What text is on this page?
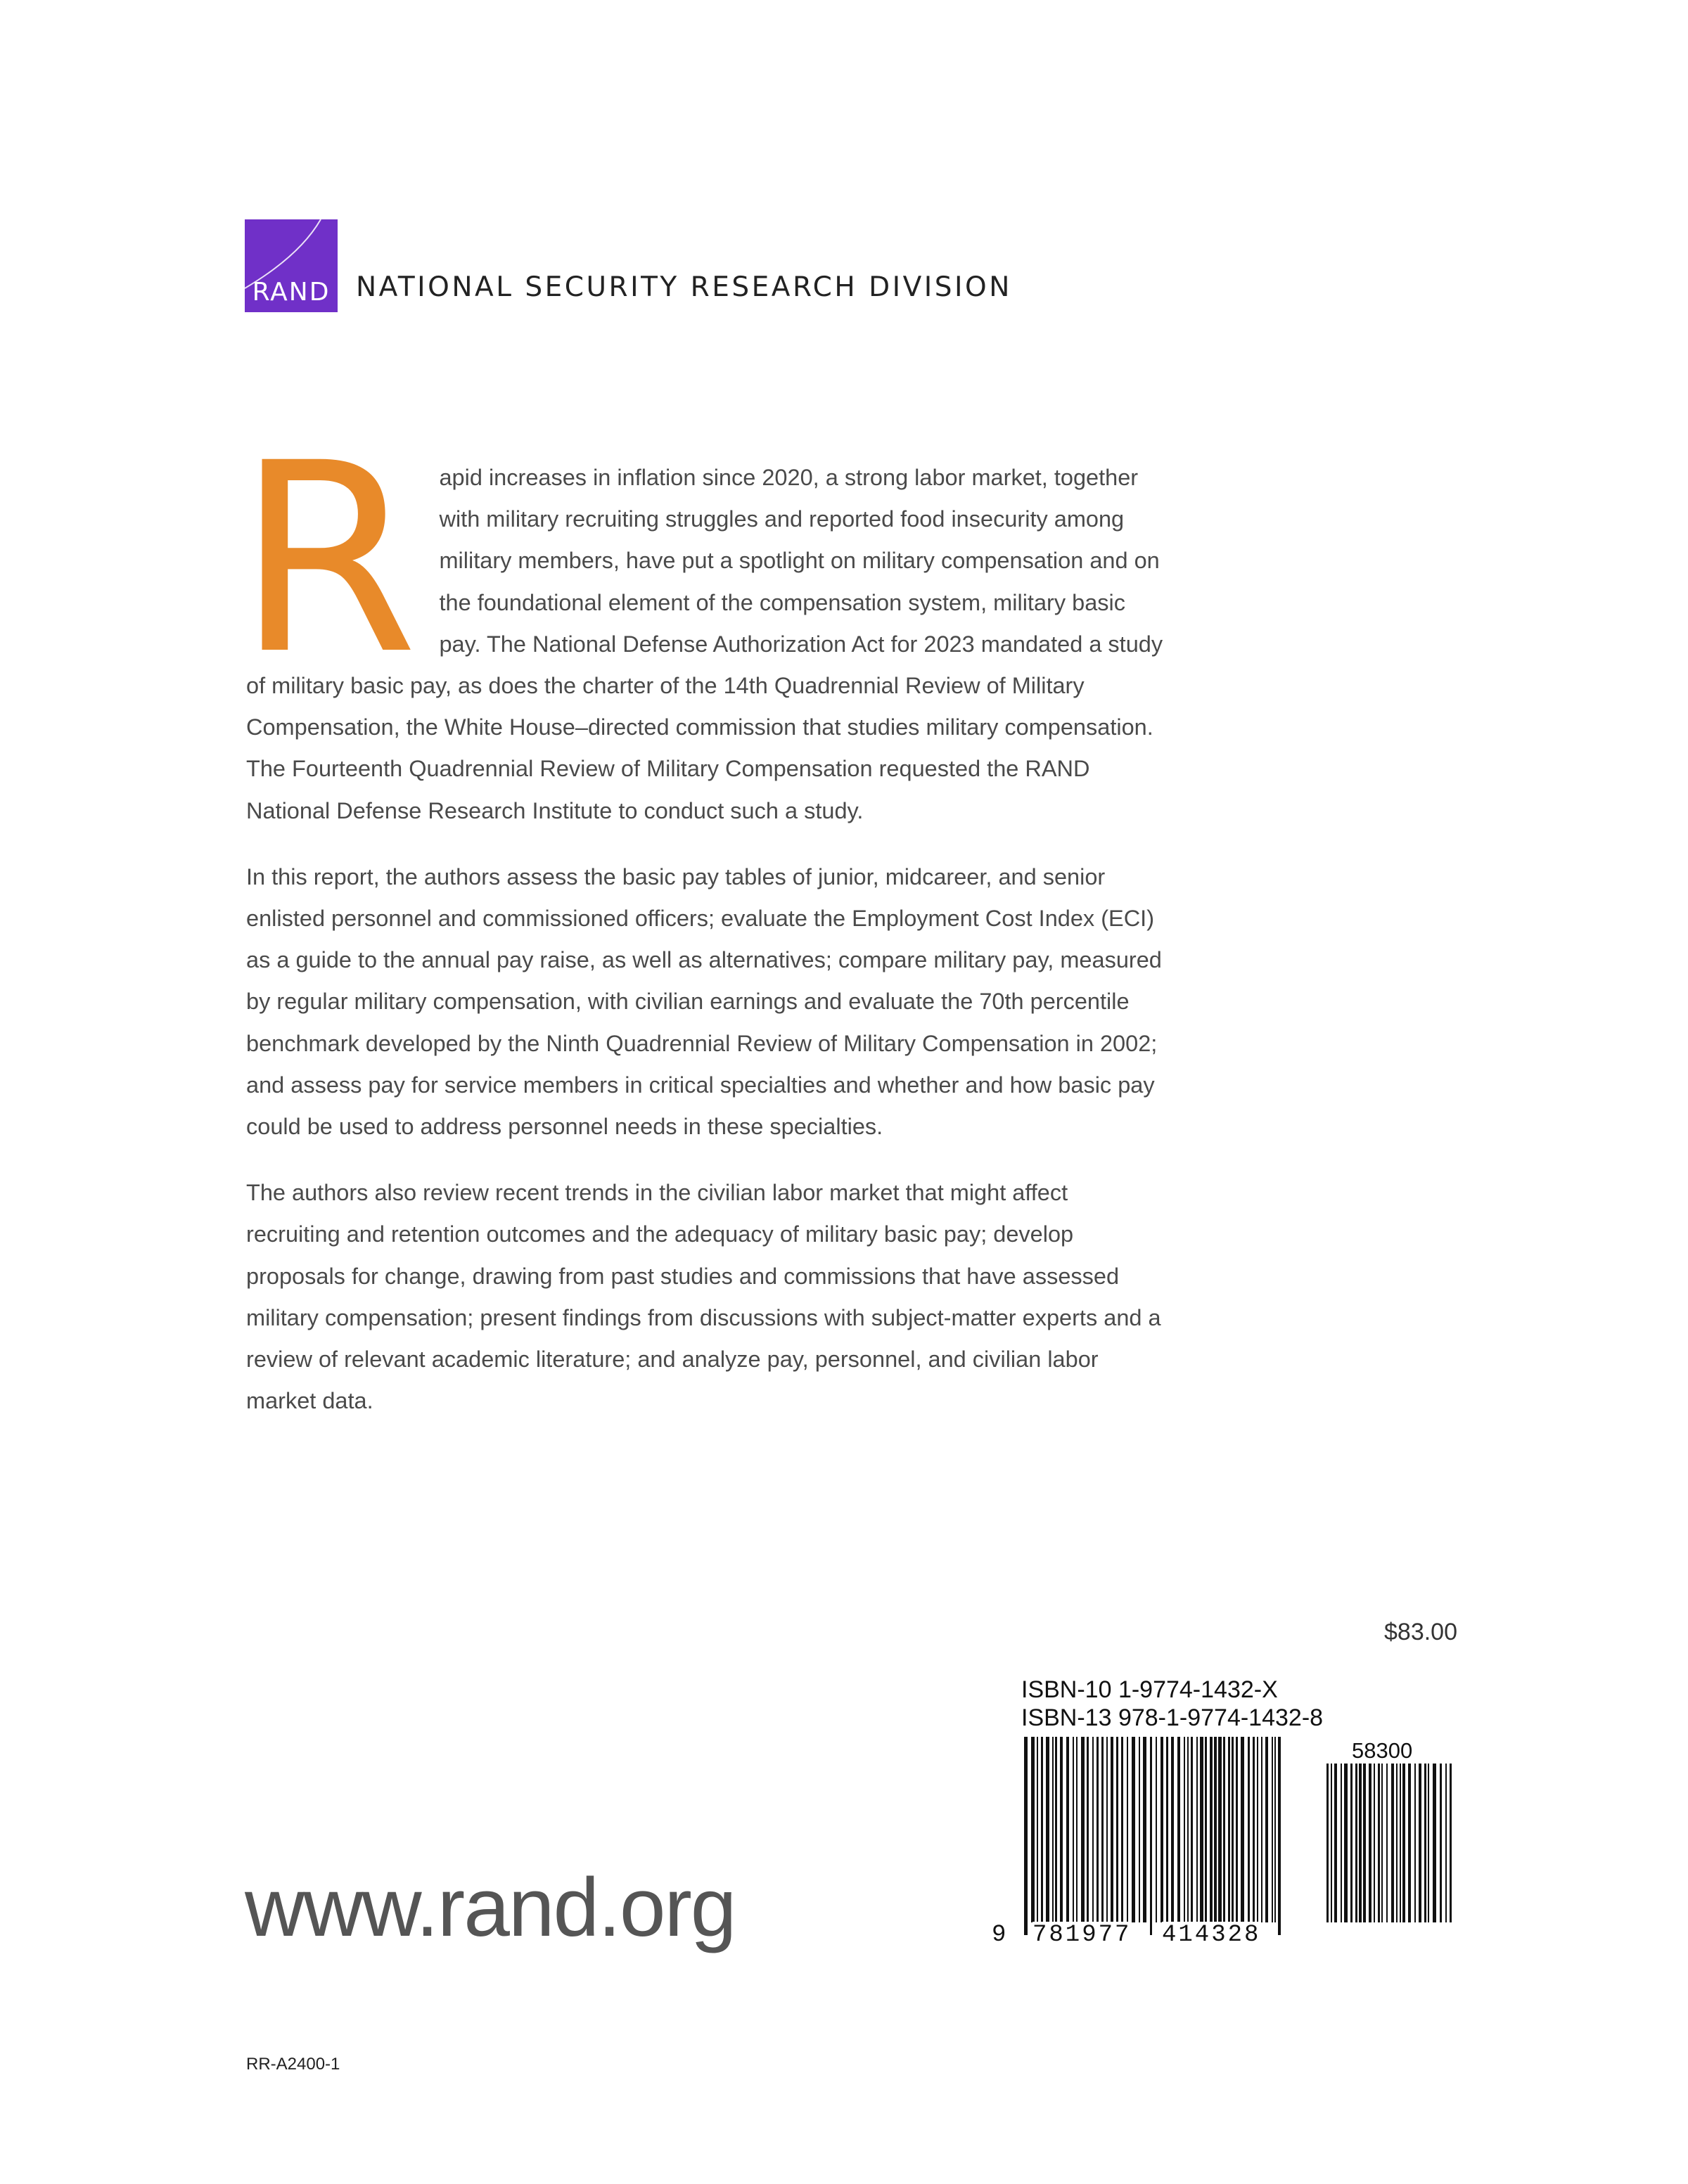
RAND NATIONAL SECURITY RESEARCH DIVISION

R apid increases in inflation since 2020, a strong labor market, together with military recruiting struggles and reported food insecurity among military members, have put a spotlight on military compensation and on the foundational element of the compensation system, military basic pay. The National Defense Authorization Act for 2023 mandated a study of military basic pay, as does the charter of the 14th Quadrennial Review of Military Compensation, the White House–directed commission that studies military compensation. The Fourteenth Quadrennial Review of Military Compensation requested the RAND National Defense Research Institute to conduct such a study.

In this report, the authors assess the basic pay tables of junior, midcareer, and senior enlisted personnel and commissioned officers; evaluate the Employment Cost Index (ECI) as a guide to the annual pay raise, as well as alternatives; compare military pay, measured by regular military compensation, with civilian earnings and evaluate the 70th percentile benchmark developed by the Ninth Quadrennial Review of Military Compensation in 2002; and assess pay for service members in critical specialties and whether and how basic pay could be used to address personnel needs in these specialties.

The authors also review recent trends in the civilian labor market that might affect recruiting and retention outcomes and the adequacy of military basic pay; develop proposals for change, drawing from past studies and commissions that have assessed military compensation; present findings from discussions with subject-matter experts and a review of relevant academic literature; and analyze pay, personnel, and civilian labor market data.

$83.00
ISBN-10 1-9774-1432-X
ISBN-13 978-1-9774-1432-8
9 781977 414328
58300
www.rand.org
RR-A2400-1
